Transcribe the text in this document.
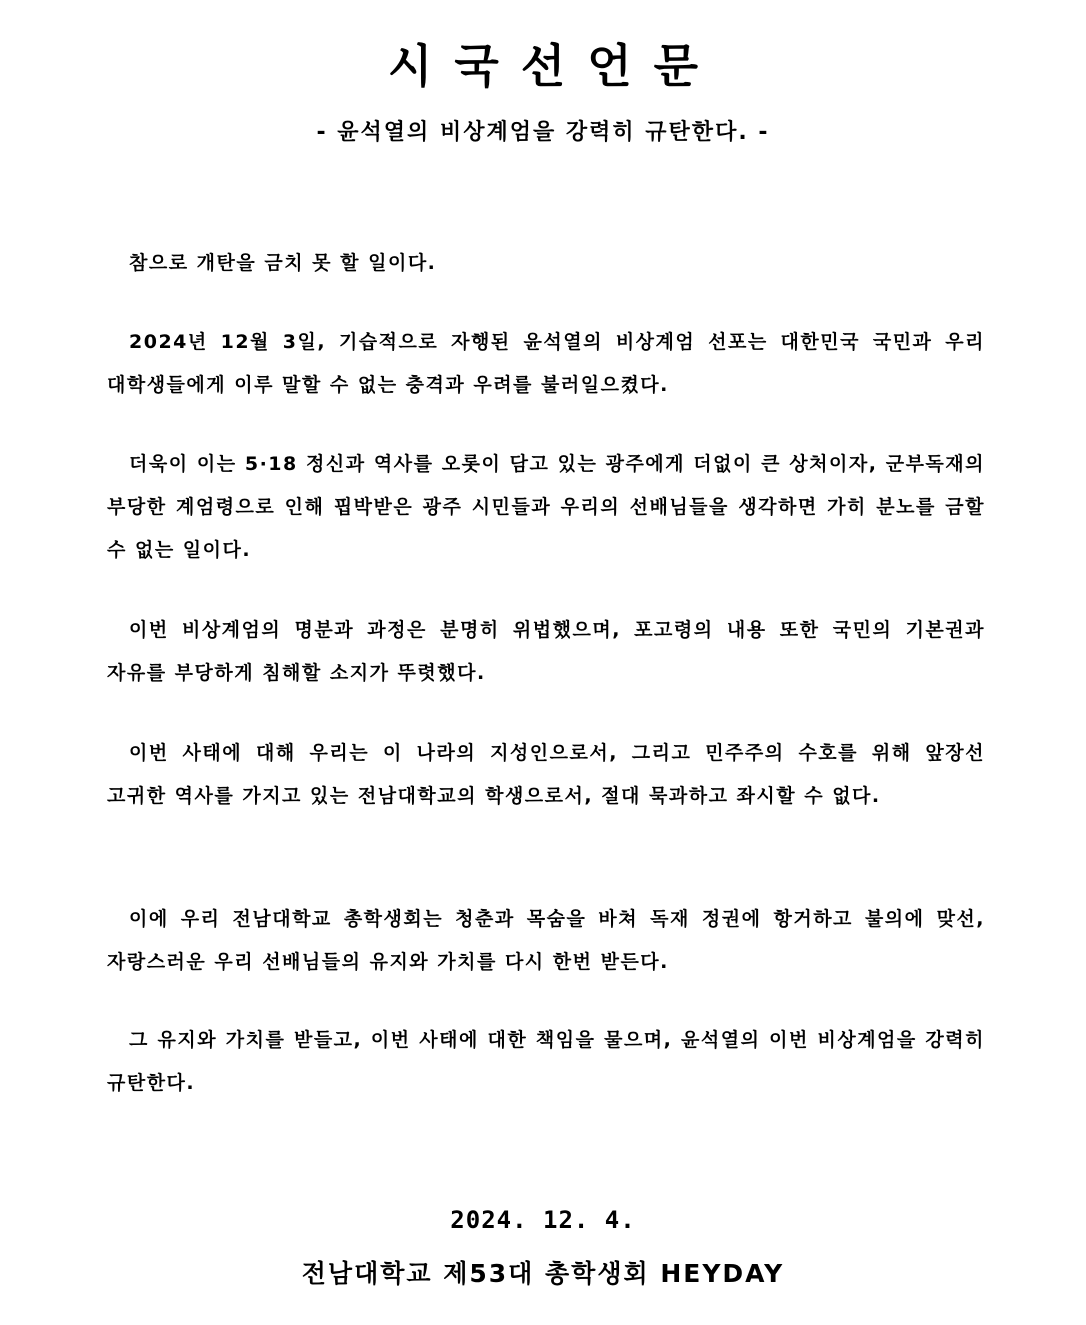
시국선언문
- 윤석열의 비상계엄을 강력히 규탄한다. -

참으로 개탄을 금치 못 할 일이다.

2024년 12월 3일, 기습적으로 자행된 윤석열의 비상계엄 선포는 대한민국 국민과 우리 대학생들에게 이루 말할 수 없는 충격과 우려를 불러일으켰다.

더욱이 이는 5·18 정신과 역사를 오롯이 담고 있는 광주에게 더없이 큰 상처이자, 군부독재의 부당한 계엄령으로 인해 핍박받은 광주 시민들과 우리의 선배님들을 생각하면 가히 분노를 금할 수 없는 일이다.

이번 비상계엄의 명분과 과정은 분명히 위법했으며, 포고령의 내용 또한 국민의 기본권과 자유를 부당하게 침해할 소지가 뚜렷했다.

이번 사태에 대해 우리는 이 나라의 지성인으로서, 그리고 민주주의 수호를 위해 앞장선 고귀한 역사를 가지고 있는 전남대학교의 학생으로서, 절대 묵과하고 좌시할 수 없다.

이에 우리 전남대학교 총학생회는 청춘과 목숨을 바쳐 독재 정권에 항거하고 불의에 맞선, 자랑스러운 우리 선배님들의 유지와 가치를 다시 한번 받든다.

그 유지와 가치를 받들고, 이번 사태에 대한 책임을 물으며, 윤석열의 이번 비상계엄을 강력히 규탄한다.

2024. 12. 4.
전남대학교 제53대 총학생회 HEYDAY
